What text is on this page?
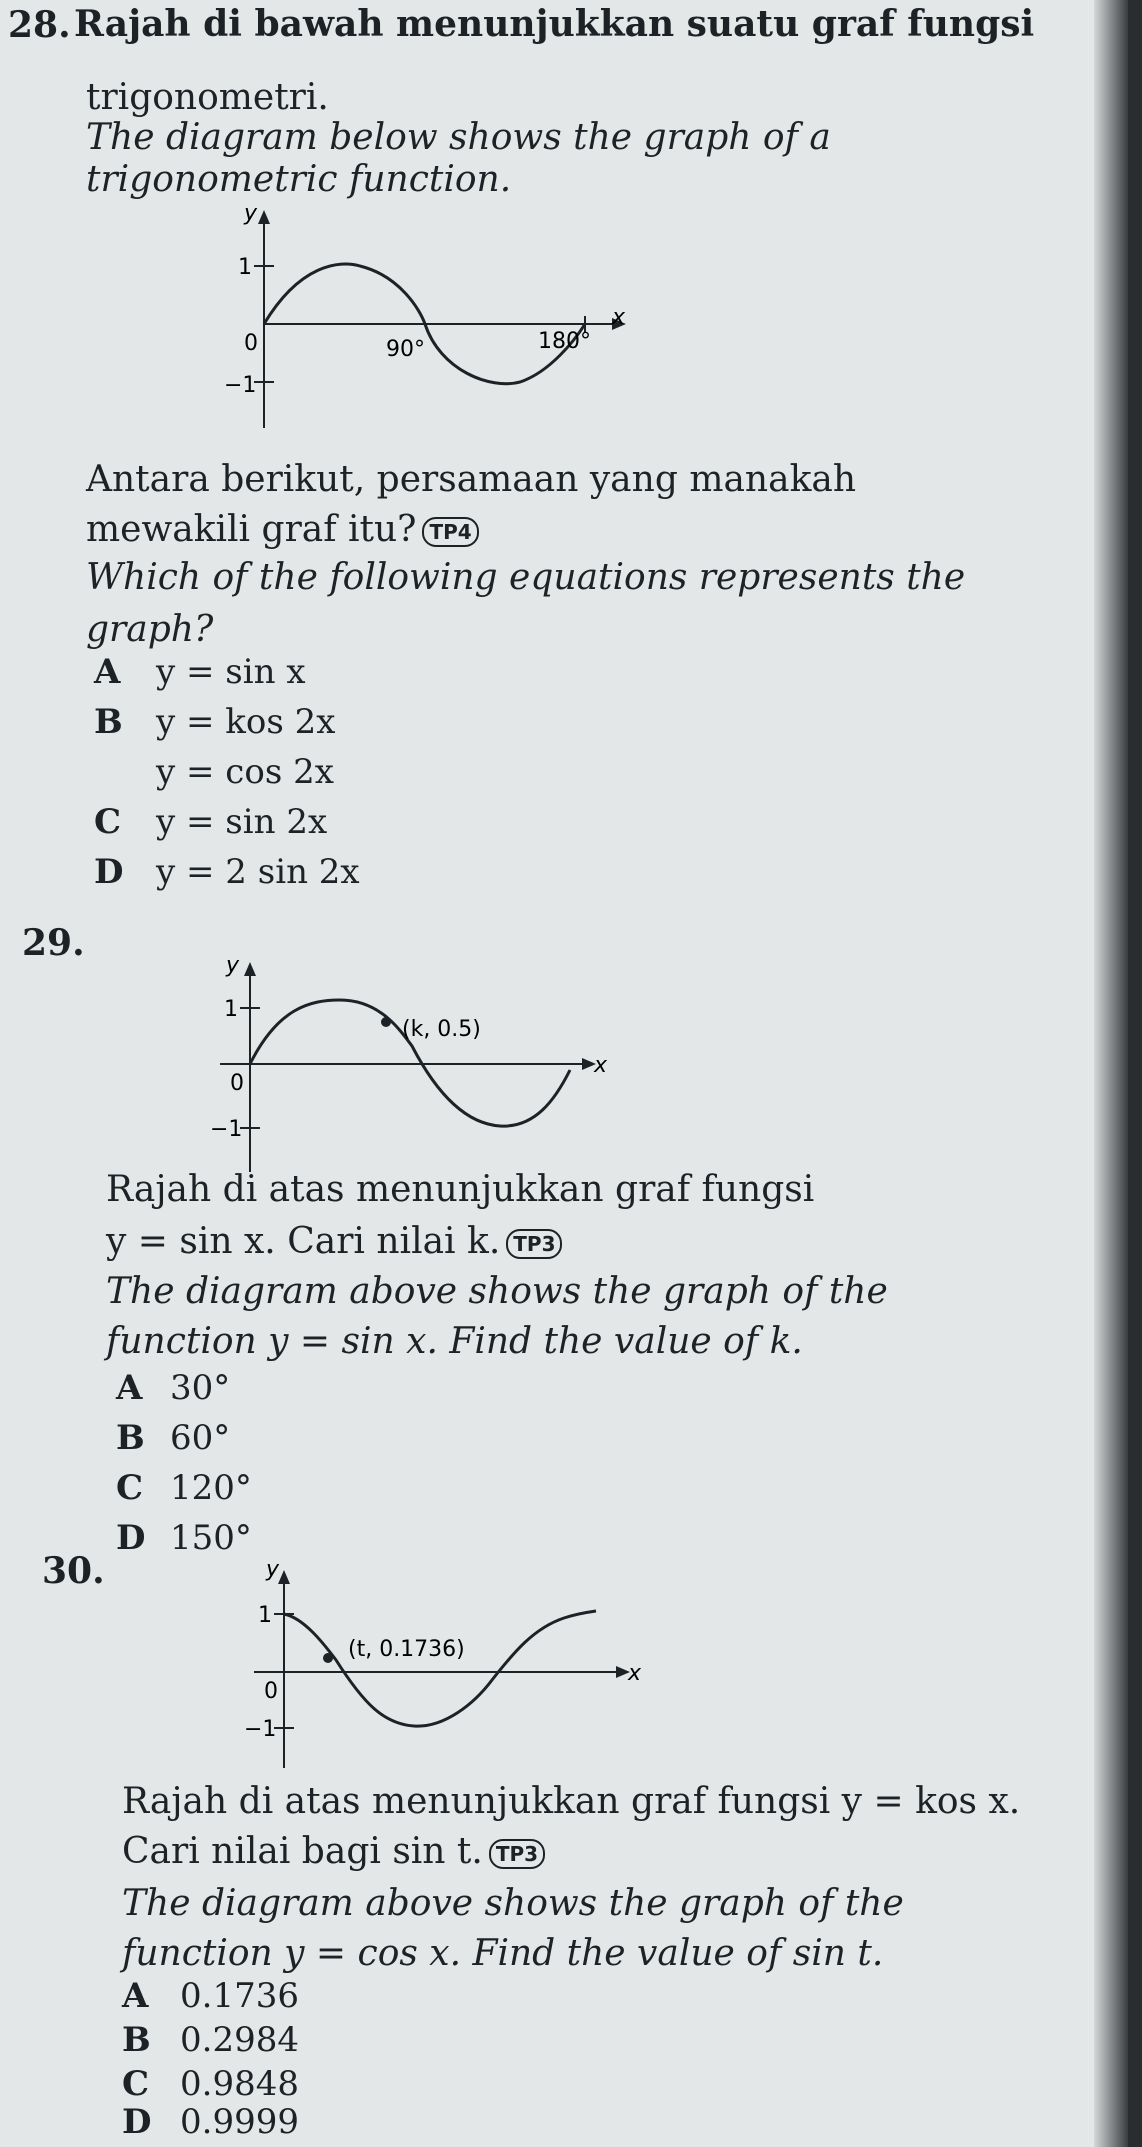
28. Rajah di bawah menunjukkan suatu graf fungsi
trigonometri.
The diagram below shows the graph of a
trigonometric function.
y
x
1
0
−1
90°	180°
Antara berikut, persamaan yang manakah
mewakili graf itu? TP4
Which of the following equations represents the
graph?
A y = sin x
B y = kos 2x
y = cos 2x
C y = sin 2x
D y = 2 sin 2x
29.
y
x
1
0
−1
(k, 0.5)
Rajah di atas menunjukkan graf fungsi
y = sin x. Cari nilai k. TP3
The diagram above shows the graph of the
function y = sin x. Find the value of k.
A 30°
B 60°
C 120°
D 150°
30.	y
x
1
0
−1
(t, 0.1736)
Rajah di atas menunjukkan graf fungsi y = kos x.
Cari nilai bagi sin t. TP3
The diagram above shows the graph of the
function y = cos x. Find the value of sin t.
A 0.1736
B 0.2984
C 0.9848
D 0.9999
